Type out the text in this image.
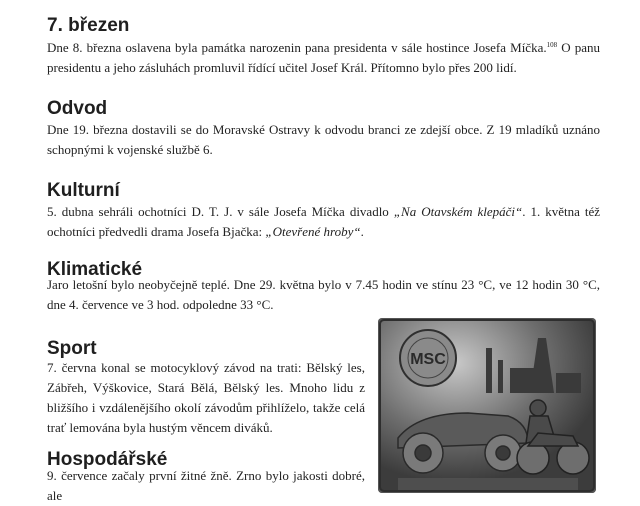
7. březen

Dne 8. března oslavena byla památka narozenin pana presidenta v sále hostince Josefa Míčka.$^{108}$ O panu presidentu a jeho zásluhách promluvil řídící učitel Josef Král. Přítomno bylo přes 200 lidí.

Odvod

Dne 19. března dostavili se do Moravské Ostravy k odvodu branci ze zdejší obce. Z 19 mladíků uznáno schopnými k vojenské službě 6.

Kulturní

5. dubna sehráli ochotníci D. T. J. v sále Josefa Míčka divadlo „Na Otavském klepáči“. 1. května též ochotníci předvedli drama Josefa Bjačka: „Otevřené hroby“.

Klimatické

Jaro letošní bylo neobyčejně teplé. Dne 29. května bylo v 7.45 hodin ve stínu 23 °C, ve 12 hodin 30 °C, dne 4. července ve 3 hod. odpoledne 33 °C.

Sport

7. června konal se motocyklový závod na trati: Bělský les, Zábřeh, Výškovice, Stará Bělá, Bělský les. Mnoho lidu z bližšího i vzdálenějšího okolí závodům přihlíželo, takže celá trať lemována byla hustým věncem diváků.

Hospodářské

9. července začaly první žitné žně. Zrno bylo jakosti dobré, ale

MSC
